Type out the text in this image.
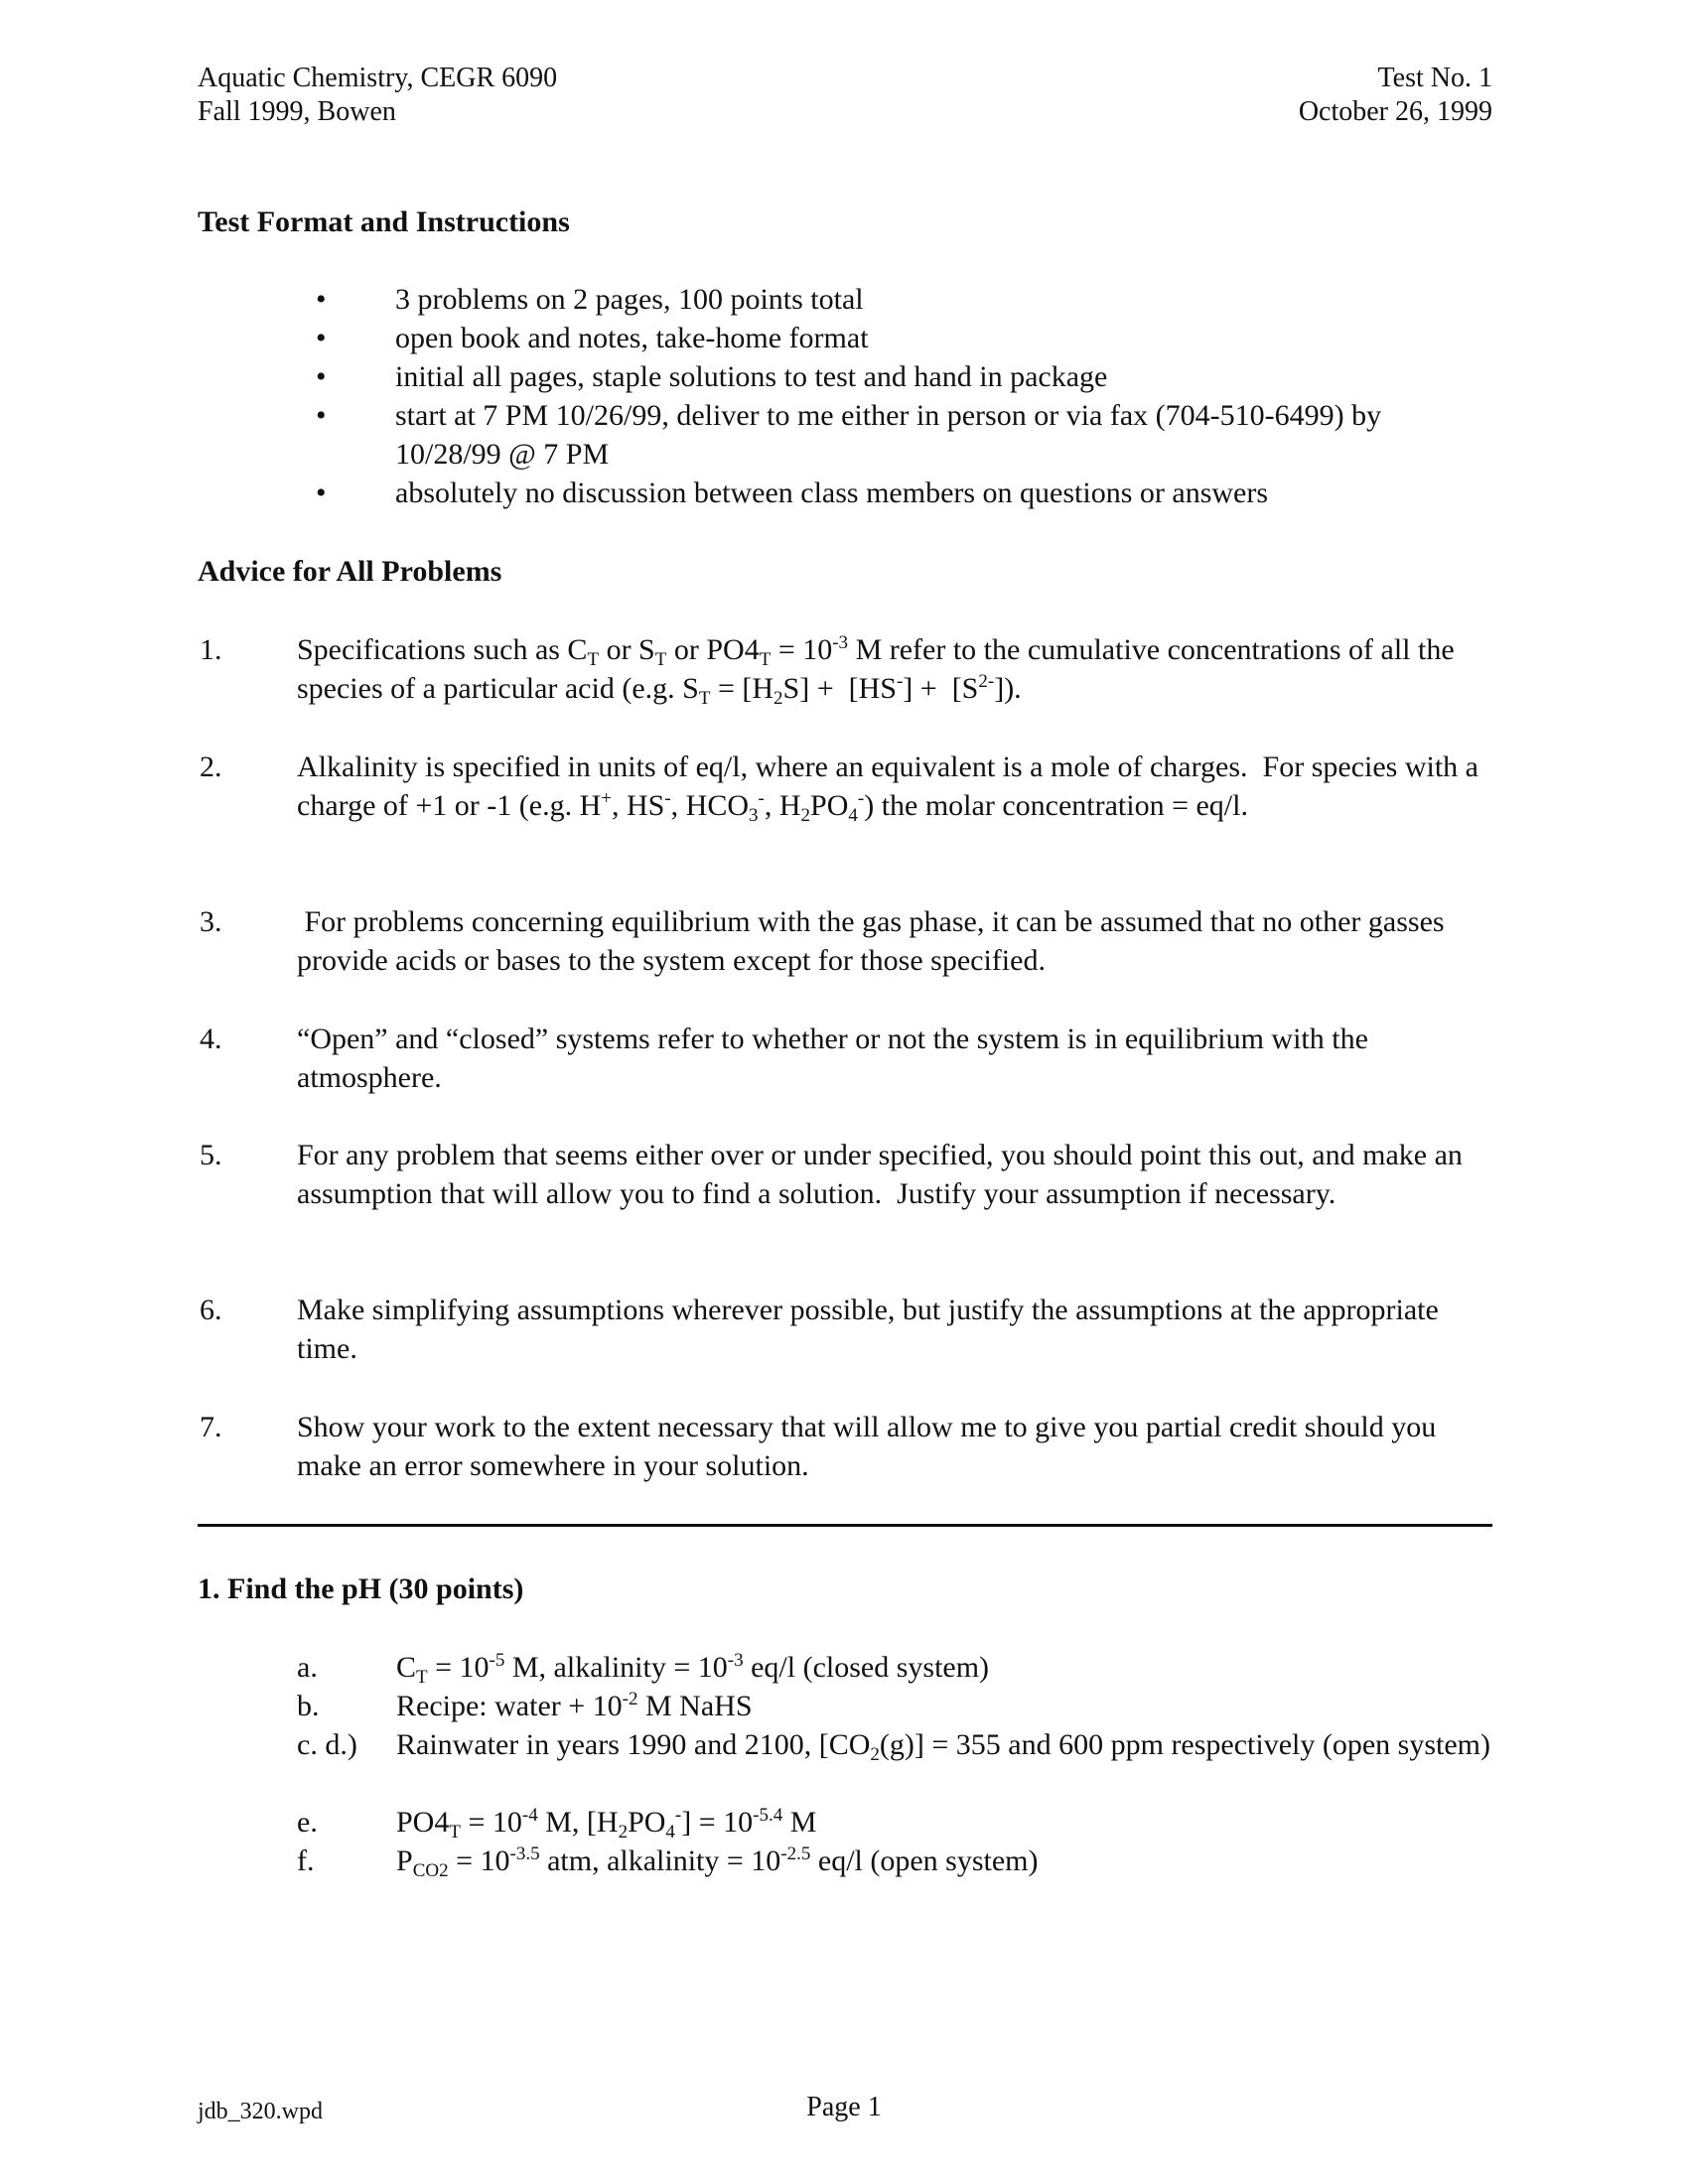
Aquatic Chemistry, CEGR 6090
Fall 1999, Bowen
Test No. 1
October 26, 1999
Test Format and Instructions
•	3 problems on 2 pages, 100 points total
•	open book and notes, take-home format
•	initial all pages, staple solutions to test and hand in package
•	start at 7 PM 10/26/99, deliver to me either in person or via fax (704-510-6499) by 10/28/99 @ 7 PM
•	absolutely no discussion between class members on questions or answers
Advice for All Problems
1.	Specifications such as $C_T$ or $S_T$ or $PO4_T = 10^{-3}$ M refer to the cumulative concentrations of all the species of a particular acid (e.g. $S_T = [H_2S] + [HS^-] + [S^{2-}]$).
2.	Alkalinity is specified in units of eq/l, where an equivalent is a mole of charges.  For species with a charge of +1 or -1 (e.g. H+, HS-, $HCO_3^-$, $H_2PO_4^-$) the molar concentration = eq/l.
3.	For problems concerning equilibrium with the gas phase, it can be assumed that no other gasses provide acids or bases to the system except for those specified.
4.	“Open” and “closed” systems refer to whether or not the system is in equilibrium with the atmosphere.
5.	For any problem that seems either over or under specified, you should point this out, and make an assumption that will allow you to find a solution.  Justify your assumption if necessary.
6.	Make simplifying assumptions wherever possible, but justify the assumptions at the appropriate time.
7.	Show your work to the extent necessary that will allow me to give you partial credit should you make an error somewhere in your solution.
1. Find the pH (30 points)
a.	$C_T = 10^{-5}$ M, alkalinity = $10^{-3}$ eq/l (closed system)
b.	Recipe: water + $10^{-2}$ M NaHS
c. d.)	Rainwater in years 1990 and 2100, $[CO_2(g)] = 355$ and 600 ppm respectively (open system)
e.	$PO4_T = 10^{-4}$ M, $[H_2PO_4^-] = 10^{-5.4}$ M
f.	$P_{CO2} = 10^{-3.5}$ atm, alkalinity = $10^{-2.5}$ eq/l (open system)
jdb_320.wpd	Page 1
